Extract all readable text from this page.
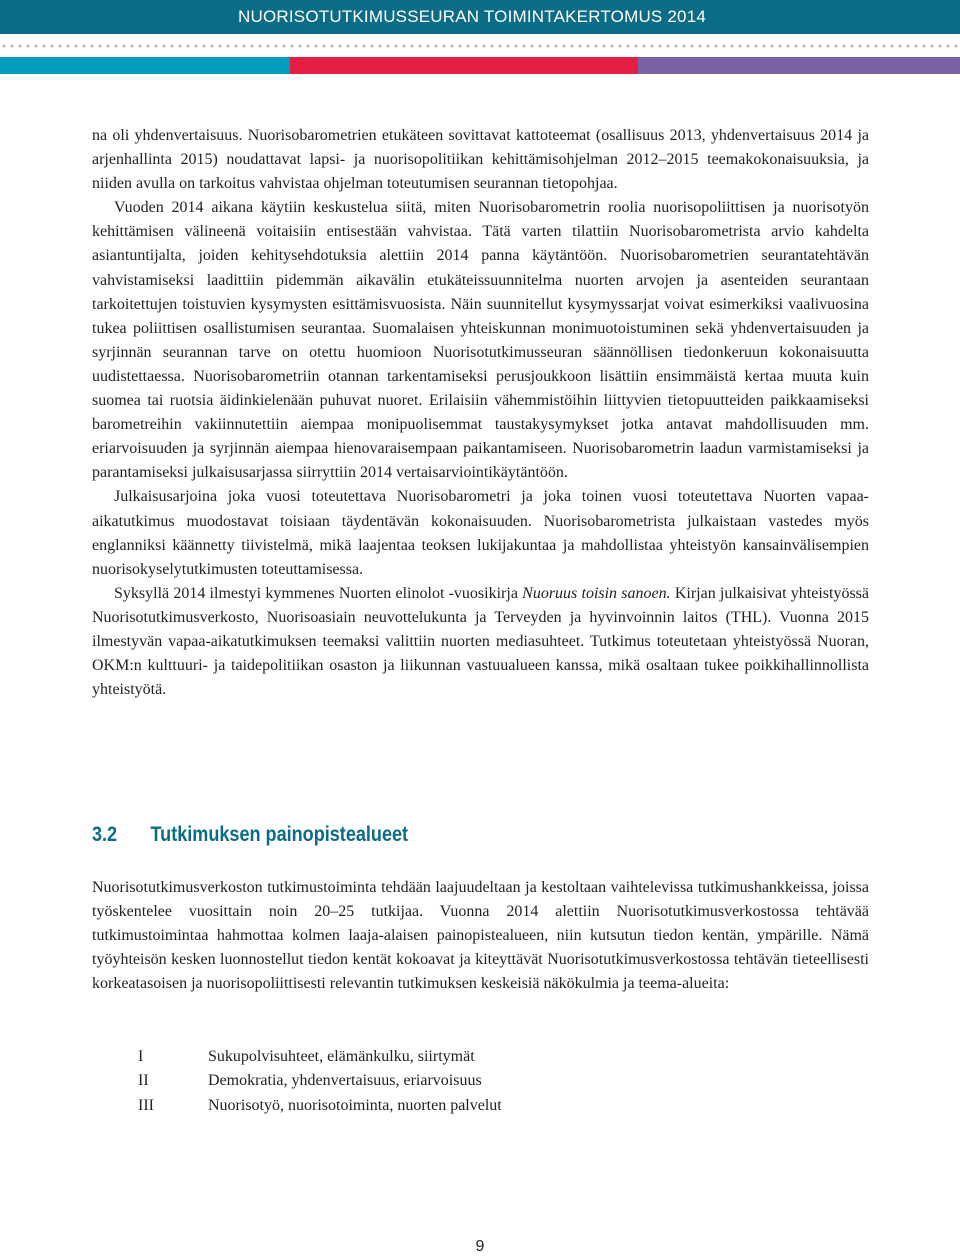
NUORISOTUTKIMUSSEURAN TOIMINTAKERTOMUS 2014

na oli yhdenvertaisuus. Nuorisobarometrien etukäteen sovittavat kattoteemat (osallisuus 2013, yhdenvertaisuus 2014 ja arjenhallinta 2015) noudattavat lapsi- ja nuorisopolitiikan kehittämisohjelman 2012–2015 teemakokonaisuuksia, ja niiden avulla on tarkoitus vahvistaa ohjelman toteutumisen seurannan tietopohjaa.

Vuoden 2014 aikana käytiin keskustelua siitä, miten Nuorisobarometrin roolia nuorisopoliittisen ja nuorisotyön kehittämisen välineenä voitaisiin entisestään vahvistaa. Tätä varten tilattiin Nuorisobarometrista arvio kahdelta asiantuntijalta, joiden kehitysehdotuksia alettiin 2014 panna käytäntöön. Nuorisobarometrien seurantatehtävän vahvistamiseksi laadittiin pidemmän aikavälin etukäteissuunnitelma nuorten arvojen ja asenteiden seurantaan tarkoitettujen toistuvien kysymysten esittämisvuosista. Näin suunnitellut kysymyssarjat voivat esimerkiksi vaalivuosina tukea poliittisen osallistumisen seurantaa. Suomalaisen yhteiskunnan monimuotoistuminen sekä yhdenvertaisuuden ja syrjinnän seurannan tarve on otettu huomioon Nuorisotutkimusseuran säännöllisen tiedonkeruun kokonaisuutta uudistettaessa. Nuorisobarometriin otannan tarkentamiseksi perusjoukkoon lisättiin ensimmäistä kertaa muuta kuin suomea tai ruotsia äidinkielenään puhuvat nuoret. Erilaisiin vähemmistöihin liittyvien tietopuutteiden paikkaamiseksi barometreihin vakiinnutettiin aiempaa monipuolisemmat taustakysymykset jotka antavat mahdollisuuden mm. eriarvoisuuden ja syrjinnän aiempaa hienovaraisempaan paikantamiseen. Nuorisobarometrin laadun varmistamiseksi ja parantamiseksi julkaisusarjassa siirryttiin 2014 vertaisarviointikäytäntöön.

Julkaisusarjoina joka vuosi toteutettava Nuorisobarometri ja joka toinen vuosi toteutettava Nuorten vapaa-aikatutkimus muodostavat toisiaan täydentävän kokonaisuuden. Nuorisobarometrista julkaistaan vastedes myös englanniksi käännetty tiivistelmä, mikä laajentaa teoksen lukijakuntaa ja mahdollistaa yhteistyön kansainvälisempien nuorisokyselytutkimusten toteuttamisessa.

Syksyllä 2014 ilmestyi kymmenes Nuorten elinolot -vuosikirja Nuoruus toisin sanoen. Kirjan julkaisivat yhteistyössä Nuorisotutkimusverkosto, Nuorisoasiain neuvottelukunta ja Terveyden ja hyvinvoinnin laitos (THL). Vuonna 2015 ilmestyvän vapaa-aikatutkimuksen teemaksi valittiin nuorten mediasuhteet. Tutkimus toteutetaan yhteistyössä Nuoran, OKM:n kulttuuri- ja taidepolitiikan osaston ja liikunnan vastuualueen kanssa, mikä osaltaan tukee poikkihallinnollista yhteistyötä.

3.2 Tutkimuksen painopistealueet

Nuorisotutkimusverkoston tutkimustoiminta tehdään laajuudeltaan ja kestoltaan vaihtelevissa tutkimushankkeissa, joissa työskentelee vuosittain noin 20–25 tutkijaa. Vuonna 2014 alettiin Nuorisotutkimusverkostossa tehtävää tutkimustoimintaa hahmottaa kolmen laaja-alaisen painopistealueen, niin kutsutun tiedon kentän, ympärille. Nämä työyhteisön kesken luonnostellut tiedon kentät kokoavat ja kiteyttävät Nuorisotutkimusverkostossa tehtävän tieteellisesti korkeatasoisen ja nuorisopoliittisesti relevantin tutkimuksen keskeisiä näkökulmia ja teema-alueita:

I	Sukupolvisuhteet, elämänkulku, siirtymät
II	Demokratia, yhdenvertaisuus, eriarvoisuus
III	Nuorisotyö, nuorisotoiminta, nuorten palvelut
9
